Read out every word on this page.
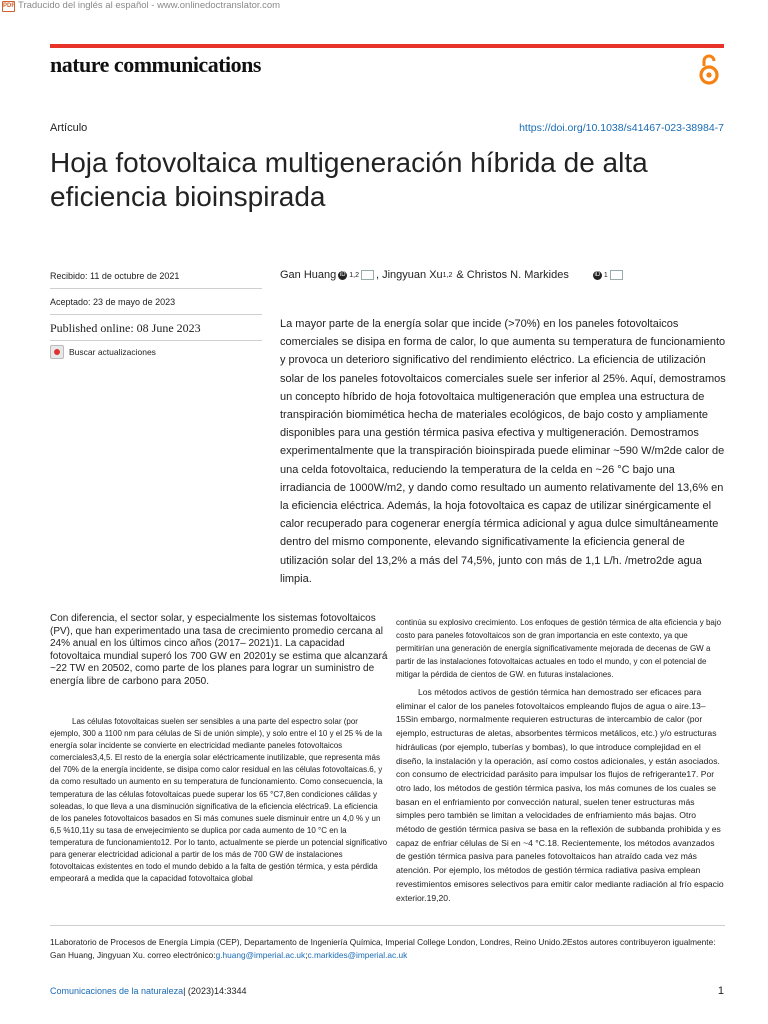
PDF Traducido del inglés al español - www.onlinedoctranslator.com
nature communications
Artículo	https://doi.org/10.1038/s41467-023-38984-7
Hoja fotovoltaica multigeneración híbrida de alta eficiencia bioinspirada
Recibido: 11 de octubre de 2021
Aceptado: 23 de mayo de 2023
Published online: 08 June 2023
Buscar actualizaciones
Gan Huang iD 1,2 , Jingyuan Xu 1,2 & Christos N. Markides	iD 1

La mayor parte de la energía solar que incide (>70%) en los paneles fotovoltaicos comerciales se disipa en forma de calor, lo que aumenta su temperatura de funcionamiento y provoca un deterioro significativo del rendimiento eléctrico. La eficiencia de utilización solar de los paneles fotovoltaicos comerciales suele ser inferior al 25%. Aquí, demostramos un concepto híbrido de hoja fotovoltaica multigeneración que emplea una estructura de transpiración biomimética hecha de materiales ecológicos, de bajo costo y ampliamente disponibles para una gestión térmica pasiva efectiva y multigeneración. Demostramos experimentalmente que la transpiración bioinspirada puede eliminar ~590 W/m2de calor de una celda fotovoltaica, reduciendo la temperatura de la celda en ~26 °C bajo una irradiancia de 1000W/m2, y dando como resultado un aumento relativamente del 13,6% en la eficiencia eléctrica. Además, la hoja fotovoltaica es capaz de utilizar sinérgicamente el calor recuperado para cogenerar energía térmica adicional y agua dulce simultáneamente dentro del mismo componente, elevando significativamente la eficiencia general de utilización solar del 13,2% a más del 74,5%, junto con más de 1,1 L/h. /metro2de agua limpia.

Con diferencia, el sector solar, y especialmente los sistemas fotovoltaicos (PV), que han experimentado una tasa de crecimiento promedio cercana al 24% anual en los últimos cinco años (2017– 2021)1. La capacidad fotovoltaica mundial superó los 700 GW en 20201y se estima que alcanzará ~22 TW en 20502, como parte de los planes para lograr un suministro de energía libre de carbono para 2050.

Las células fotovoltaicas suelen ser sensibles a una parte del espectro solar (por ejemplo, 300 a 1100 nm para células de Si de unión simple), y solo entre el 10 y el 25 % de la energía solar incidente se convierte en electricidad mediante paneles fotovoltaicos comerciales3,4,5. El resto de la energía solar eléctricamente inutilizable, que representa más del 70% de la energía incidente, se disipa como calor residual en las células fotovoltaicas.6, y da como resultado un aumento en su temperatura de funcionamiento. Como consecuencia, la temperatura de las células fotovoltaicas puede superar los 65 °C7,8en condiciones cálidas y soleadas, lo que lleva a una disminución significativa de la eficiencia eléctrica9. La eficiencia de los paneles fotovoltaicos basados en Si más comunes suele disminuir entre un 4,0 % y un 6,5 %10,11y su tasa de envejecimiento se duplica por cada aumento de 10 °C en la temperatura de funcionamiento12. Por lo tanto, actualmente se pierde un potencial significativo para generar electricidad adicional a partir de los más de 700 GW de instalaciones fotovoltaicas existentes en todo el mundo debido a la falta de gestión térmica, y esta pérdida empeorará a medida que la capacidad fotovoltaica global

continúa su explosivo crecimiento. Los enfoques de gestión térmica de alta eficiencia y bajo costo para paneles fotovoltaicos son de gran importancia en este contexto, ya que permitirían una generación de energía significativamente mejorada de decenas de GW a partir de las instalaciones fotovoltaicas actuales en todo el mundo, y con el potencial de mitigar la pérdida de cientos de GW. en futuras instalaciones.

Los métodos activos de gestión térmica han demostrado ser eficaces para eliminar el calor de los paneles fotovoltaicos empleando flujos de agua o aire.13–15Sin embargo, normalmente requieren estructuras de intercambio de calor (por ejemplo, estructuras de aletas, absorbentes térmicos metálicos, etc.) y/o estructuras hidráulicas (por ejemplo, tuberías y bombas), lo que introduce complejidad en el diseño, la instalación y la operación, así como costos adicionales, y están asociados. con consumo de electricidad parásito para impulsar los flujos de refrigerante17. Por otro lado, los métodos de gestión térmica pasiva, los más comunes de los cuales se basan en el enfriamiento por convección natural, suelen tener estructuras más simples pero también se limitan a velocidades de enfriamiento más bajas. Otro método de gestión térmica pasiva se basa en la reflexión de subbanda prohibida y es capaz de enfriar células de Si en ~4 °C.18. Recientemente, los métodos avanzados de gestión térmica pasiva para paneles fotovoltaicos han atraído cada vez más atención. Por ejemplo, los métodos de gestión térmica radiativa pasiva emplean revestimientos emisores selectivos para emitir calor mediante radiación al frío espacio exterior.19,20.

1Laboratorio de Procesos de Energía Limpia (CEP), Departamento de Ingeniería Química, Imperial College London, Londres, Reino Unido.2Estos autores contribuyeron igualmente: Gan Huang, Jingyuan Xu. correo electrónico:g.huang@imperial.ac.uk;c.markides@imperial.ac.uk

Comunicaciones de la naturaleza| (2023)14:3344	1
